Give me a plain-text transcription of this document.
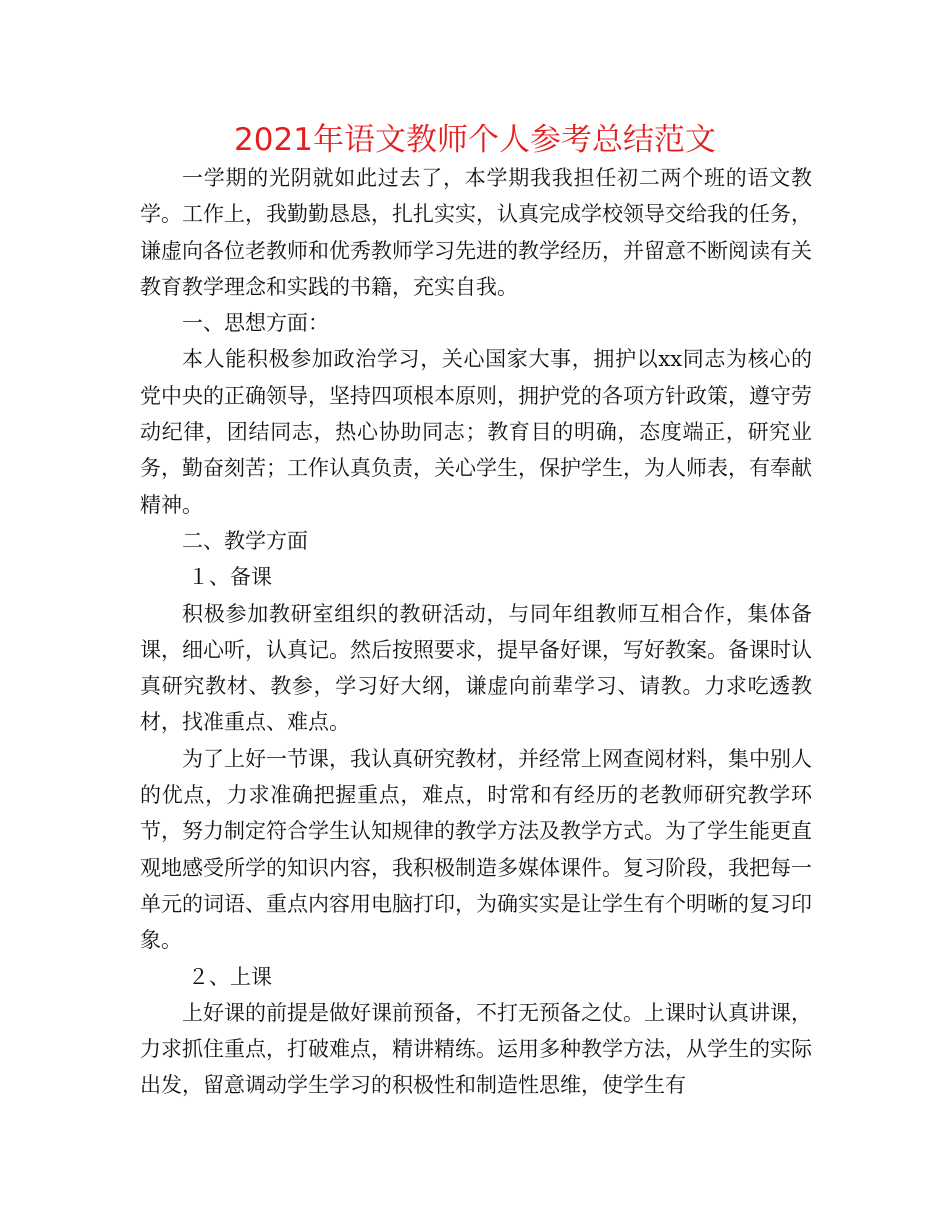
2021年语文教师个人参考总结范文

一学期的光阴就如此过去了，本学期我我担任初二两个班的语文教学。工作上，我勤勤恳恳，扎扎实实，认真完成学校领导交给我的任务，谦虚向各位老教师和优秀教师学习先进的教学经历，并留意不断阅读有关教育教学理念和实践的书籍，充实自我。

一、思想方面：

本人能积极参加政治学习，关心国家大事，拥护以xx同志为核心的党中央的正确领导，坚持四项根本原则，拥护党的各项方针政策，遵守劳动纪律，团结同志，热心协助同志；教育目的明确，态度端正，研究业务，勤奋刻苦；工作认真负责，关心学生，保护学生，为人师表，有奉献精神。

二、教学方面

１、备课

积极参加教研室组织的教研活动，与同年组教师互相合作，集体备课，细心听，认真记。然后按照要求，提早备好课，写好教案。备课时认真研究教材、教参，学习好大纲，谦虚向前辈学习、请教。力求吃透教材，找准重点、难点。

为了上好一节课，我认真研究教材，并经常上网查阅材料，集中别人的优点，力求准确把握重点，难点，时常和有经历的老教师研究教学环节，努力制定符合学生认知规律的教学方法及教学方式。为了学生能更直观地感受所学的知识内容，我积极制造多媒体课件。复习阶段，我把每一单元的词语、重点内容用电脑打印，为确实实是让学生有个明晰的复习印象。

２、上课

上好课的前提是做好课前预备，不打无预备之仗。上课时认真讲课，力求抓住重点，打破难点，精讲精练。运用多种教学方法，从学生的实际出发，留意调动学生学习的积极性和制造性思维，使学生有
